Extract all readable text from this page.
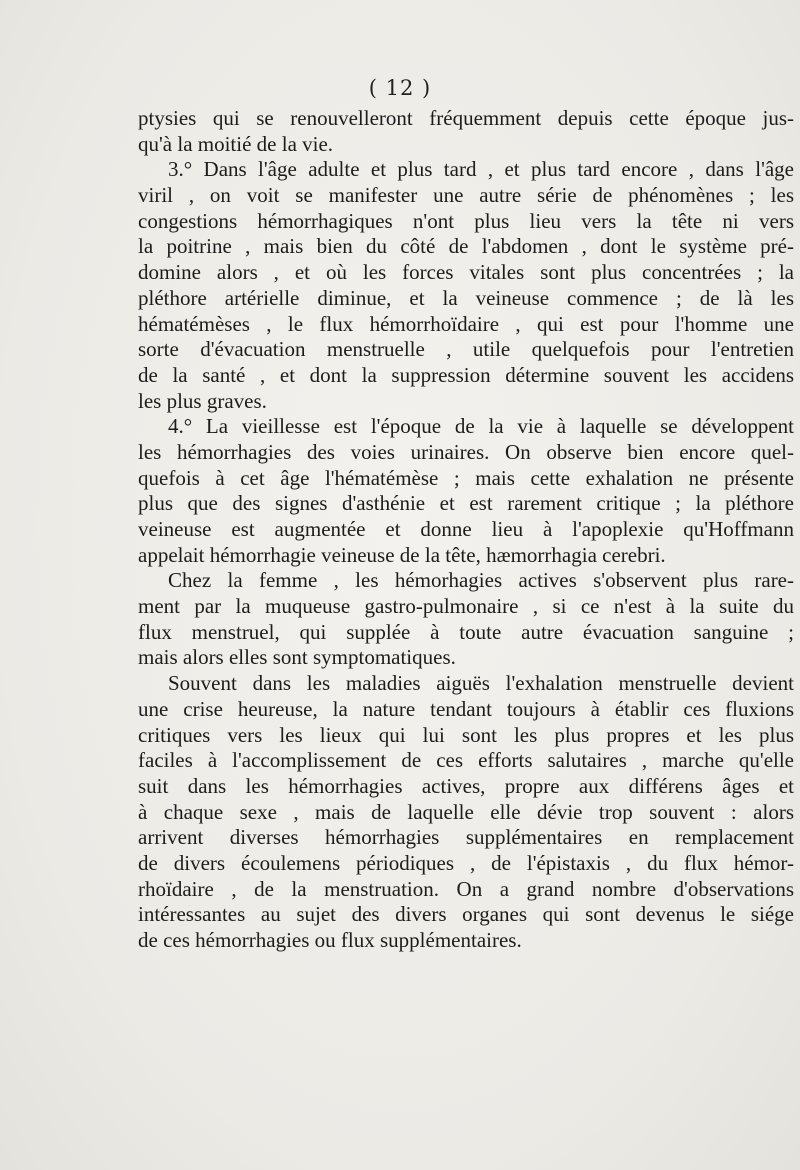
( 12 )
ptysies qui se renouvelleront fréquemment depuis cette époque jus-
qu'à la moitié de la vie.
3.° Dans l'âge adulte et plus tard , et plus tard encore , dans l'âge
viril , on voit se manifester une autre série de phénomènes ; les
congestions hémorrhagiques n'ont plus lieu vers la tête ni vers
la poitrine , mais bien du côté de l'abdomen , dont le système pré-
domine alors , et où les forces vitales sont plus concentrées ; la
pléthore artérielle diminue, et la veineuse commence ; de là les
hématémèses , le flux hémorrhoïdaire , qui est pour l'homme une
sorte d'évacuation menstruelle , utile quelquefois pour l'entretien
de la santé , et dont la suppression détermine souvent les accidens
les plus graves.
4.° La vieillesse est l'époque de la vie à laquelle se développent
les hémorrhagies des voies urinaires. On observe bien encore quel-
quefois à cet âge l'hématémèse ; mais cette exhalation ne présente
plus que des signes d'asthénie et est rarement critique ; la pléthore
veineuse est augmentée et donne lieu à l'apoplexie qu'Hoffmann
appelait hémorrhagie veineuse de la tête, hæmorrhagia cerebri.
Chez la femme , les hémorhagies actives s'observent plus rare-
ment par la muqueuse gastro-pulmonaire , si ce n'est à la suite du
flux menstruel, qui supplée à toute autre évacuation sanguine ;
mais alors elles sont symptomatiques.
Souvent dans les maladies aiguës l'exhalation menstruelle devient
une crise heureuse, la nature tendant toujours à établir ces fluxions
critiques vers les lieux qui lui sont les plus propres et les plus
faciles à l'accomplissement de ces efforts salutaires , marche qu'elle
suit dans les hémorrhagies actives, propre aux différens âges et
à chaque sexe , mais de laquelle elle dévie trop souvent : alors
arrivent diverses hémorrhagies supplémentaires en remplacement
de divers écoulemens périodiques , de l'épistaxis , du flux hémor-
rhoïdaire , de la menstruation. On a grand nombre d'observations
intéressantes au sujet des divers organes qui sont devenus le siége
de ces hémorrhagies ou flux supplémentaires.
